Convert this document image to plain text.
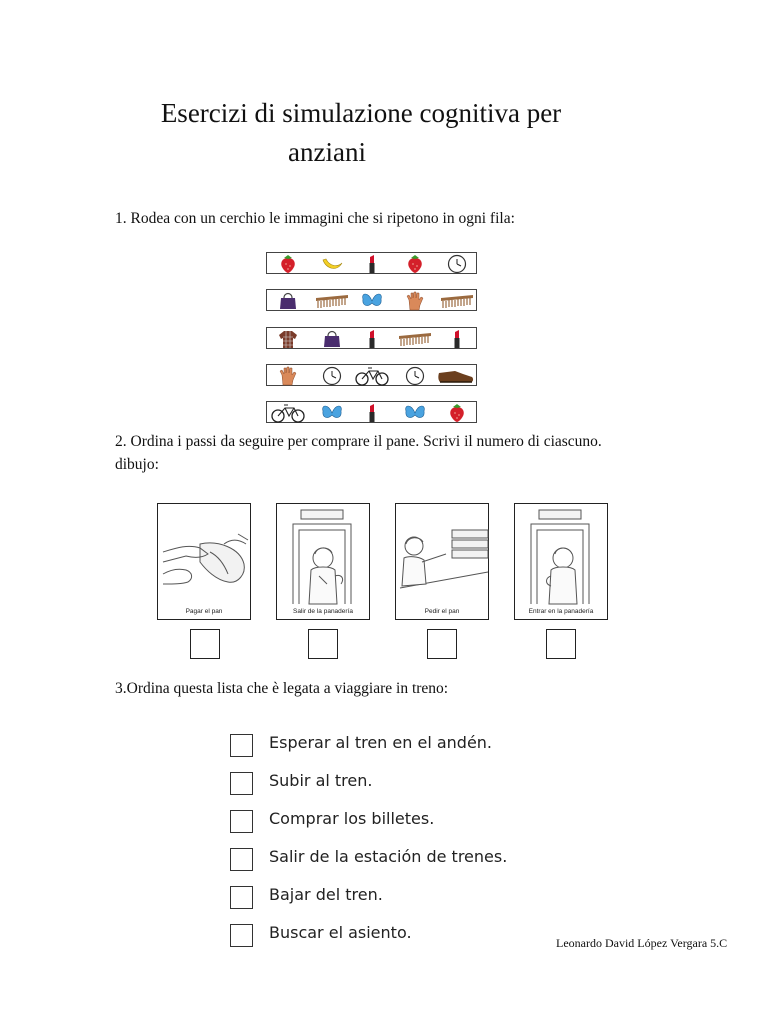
Esercizi di simulazione cognitiva per
anziani
1. Rodea con un cerchio le immagini che si ripetono in ogni fila:
2. Ordina i passi da seguire per comprare il pane. Scrivi il numero di ciascuno.
dibujo:
Pagar el pan	Salir de la panadería	Pedir el pan	Entrar en la panadería
3.Ordina questa lista che è legata a viaggiare in treno:
Esperar al tren en el andén.
Subir al tren.
Comprar los billetes.
Salir de la estación de trenes.
Bajar del tren.
Buscar el asiento.
Leonardo David López Vergara 5.C
